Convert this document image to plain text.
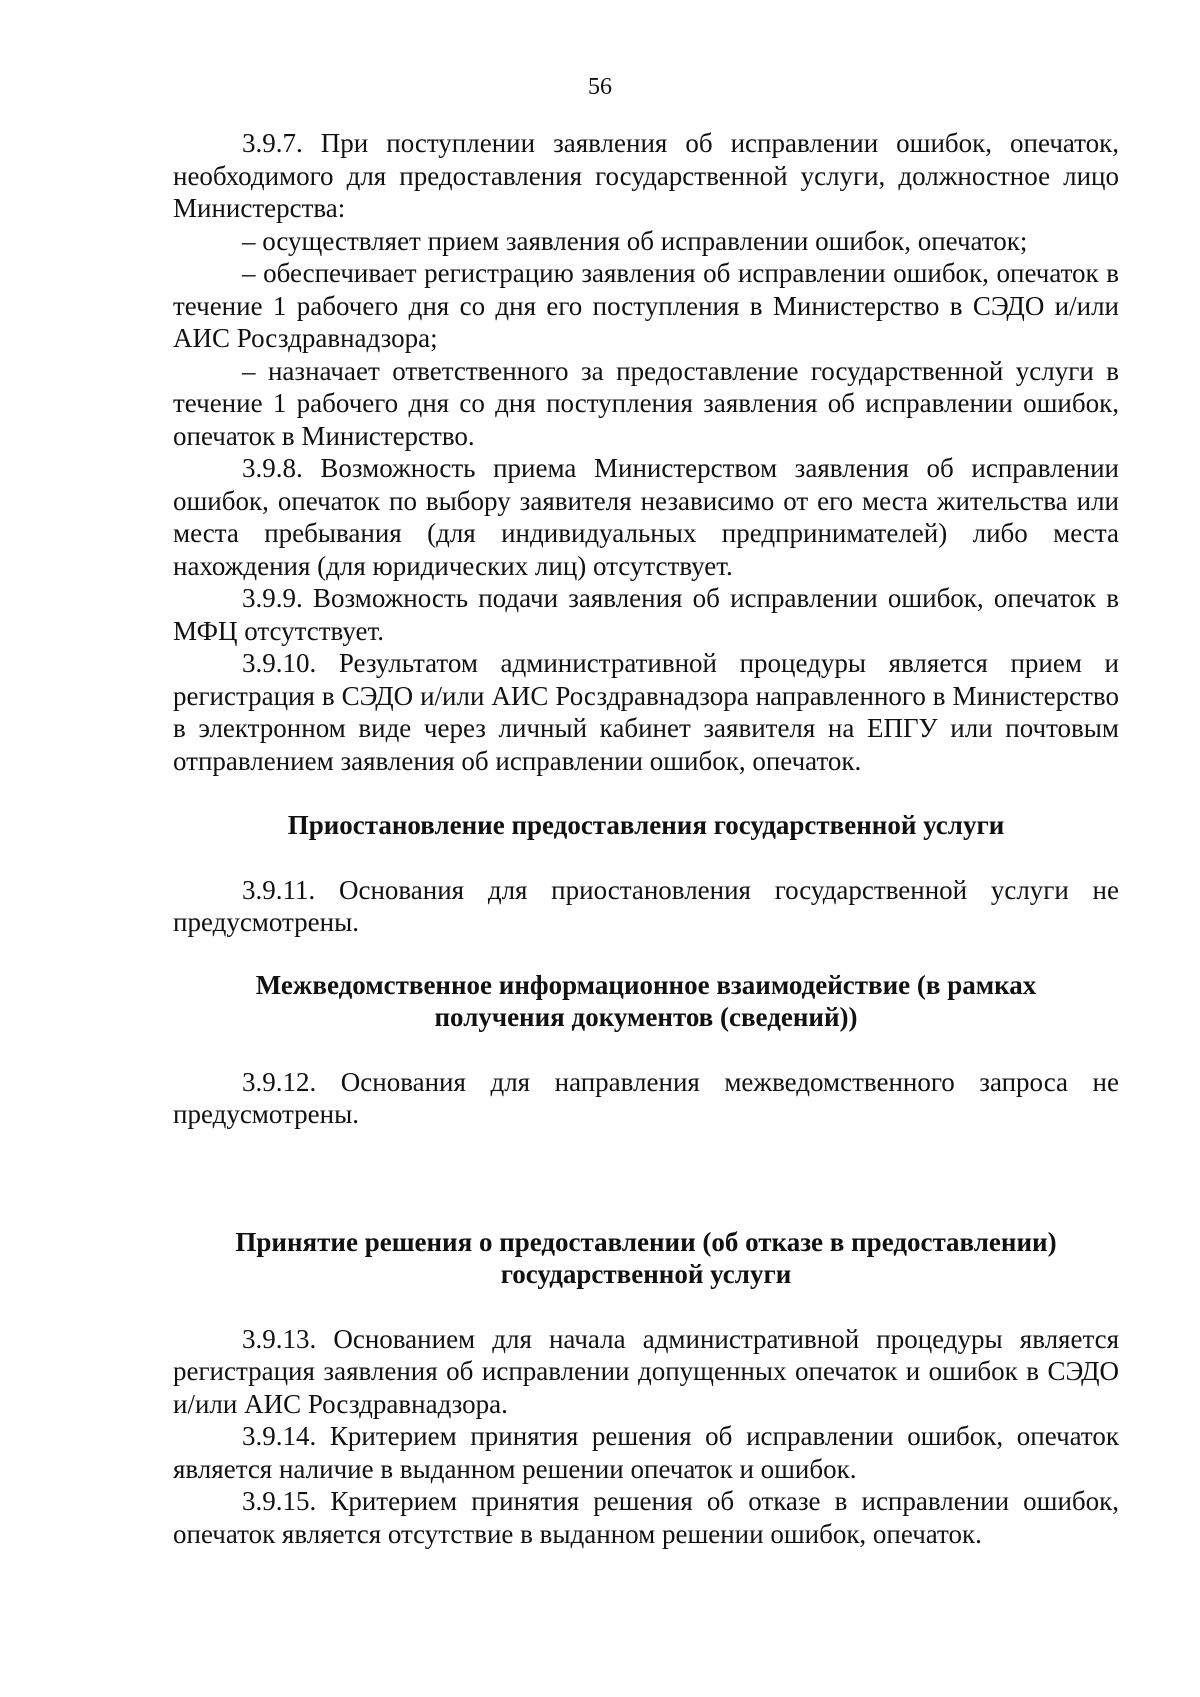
56

3.9.7. При поступлении заявления об исправлении ошибок, опечаток, необходимого для предоставления государственной услуги, должностное лицо Министерства:

– осуществляет прием заявления об исправлении ошибок, опечаток;

– обеспечивает регистрацию заявления об исправлении ошибок, опечаток в течение 1 рабочего дня со дня его поступления в Министерство в СЭДО и/или АИС Росздравнадзора;

– назначает ответственного за предоставление государственной услуги в течение 1 рабочего дня со дня поступления заявления об исправлении ошибок, опечаток в Министерство.

3.9.8. Возможность приема Министерством заявления об исправлении ошибок, опечаток по выбору заявителя независимо от его места жительства или места пребывания (для индивидуальных предпринимателей) либо места нахождения (для юридических лиц) отсутствует.

3.9.9. Возможность подачи заявления об исправлении ошибок, опечаток в МФЦ отсутствует.

3.9.10. Результатом административной процедуры является прием и регистрация в СЭДО и/или АИС Росздравнадзора направленного в Министерство в электронном виде через личный кабинет заявителя на ЕПГУ или почтовым отправлением заявления об исправлении ошибок, опечаток.

Приостановление предоставления государственной услуги

3.9.11. Основания для приостановления государственной услуги не предусмотрены.

Межведомственное информационное взаимодействие (в рамках

получения документов (сведений))

3.9.12. Основания для направления межведомственного запроса не предусмотрены.

Принятие решения о предоставлении (об отказе в предоставлении)

государственной услуги

3.9.13. Основанием для начала административной процедуры является регистрация заявления об исправлении допущенных опечаток и ошибок в СЭДО и/или АИС Росздравнадзора.

3.9.14. Критерием принятия решения об исправлении ошибок, опечаток является наличие в выданном решении опечаток и ошибок.

3.9.15. Критерием принятия решения об отказе в исправлении ошибок, опечаток является отсутствие в выданном решении ошибок, опечаток.
